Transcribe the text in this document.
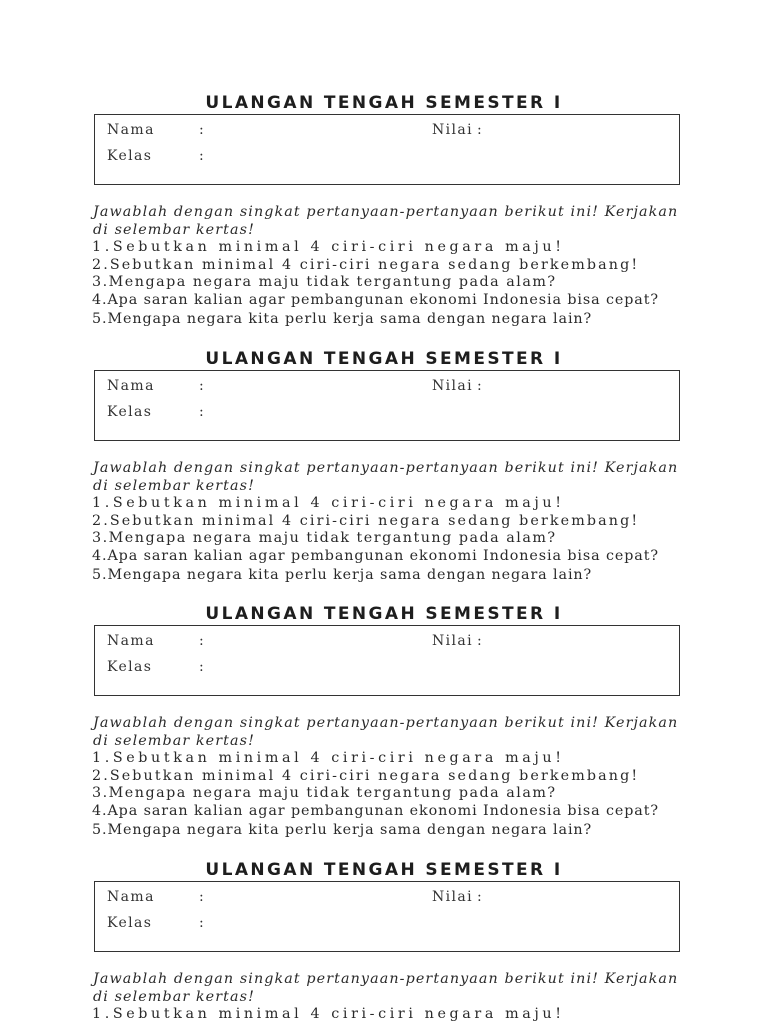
ULANGAN TENGAH SEMESTER I
Nama	:	Nilai :
Kelas	:
Jawablah dengan singkat pertanyaan-pertanyaan berikut ini! Kerjakan di selembar kertas!
1.Sebutkan minimal 4 ciri-ciri negara maju!
2.Sebutkan minimal 4 ciri-ciri negara sedang berkembang!
3.Mengapa negara maju tidak tergantung pada alam?
4.Apa saran kalian agar pembangunan ekonomi Indonesia bisa cepat?
5.Mengapa negara kita perlu kerja sama dengan negara lain?
ULANGAN TENGAH SEMESTER I
Nama	:	Nilai :
Kelas	:
Jawablah dengan singkat pertanyaan-pertanyaan berikut ini! Kerjakan di selembar kertas!
1.Sebutkan minimal 4 ciri-ciri negara maju!
2.Sebutkan minimal 4 ciri-ciri negara sedang berkembang!
3.Mengapa negara maju tidak tergantung pada alam?
4.Apa saran kalian agar pembangunan ekonomi Indonesia bisa cepat?
5.Mengapa negara kita perlu kerja sama dengan negara lain?
ULANGAN TENGAH SEMESTER I
Nama	:	Nilai :
Kelas	:
Jawablah dengan singkat pertanyaan-pertanyaan berikut ini! Kerjakan di selembar kertas!
1.Sebutkan minimal 4 ciri-ciri negara maju!
2.Sebutkan minimal 4 ciri-ciri negara sedang berkembang!
3.Mengapa negara maju tidak tergantung pada alam?
4.Apa saran kalian agar pembangunan ekonomi Indonesia bisa cepat?
5.Mengapa negara kita perlu kerja sama dengan negara lain?
ULANGAN TENGAH SEMESTER I
Nama	:	Nilai :
Kelas	:
Jawablah dengan singkat pertanyaan-pertanyaan berikut ini! Kerjakan di selembar kertas!
1.Sebutkan minimal 4 ciri-ciri negara maju!
